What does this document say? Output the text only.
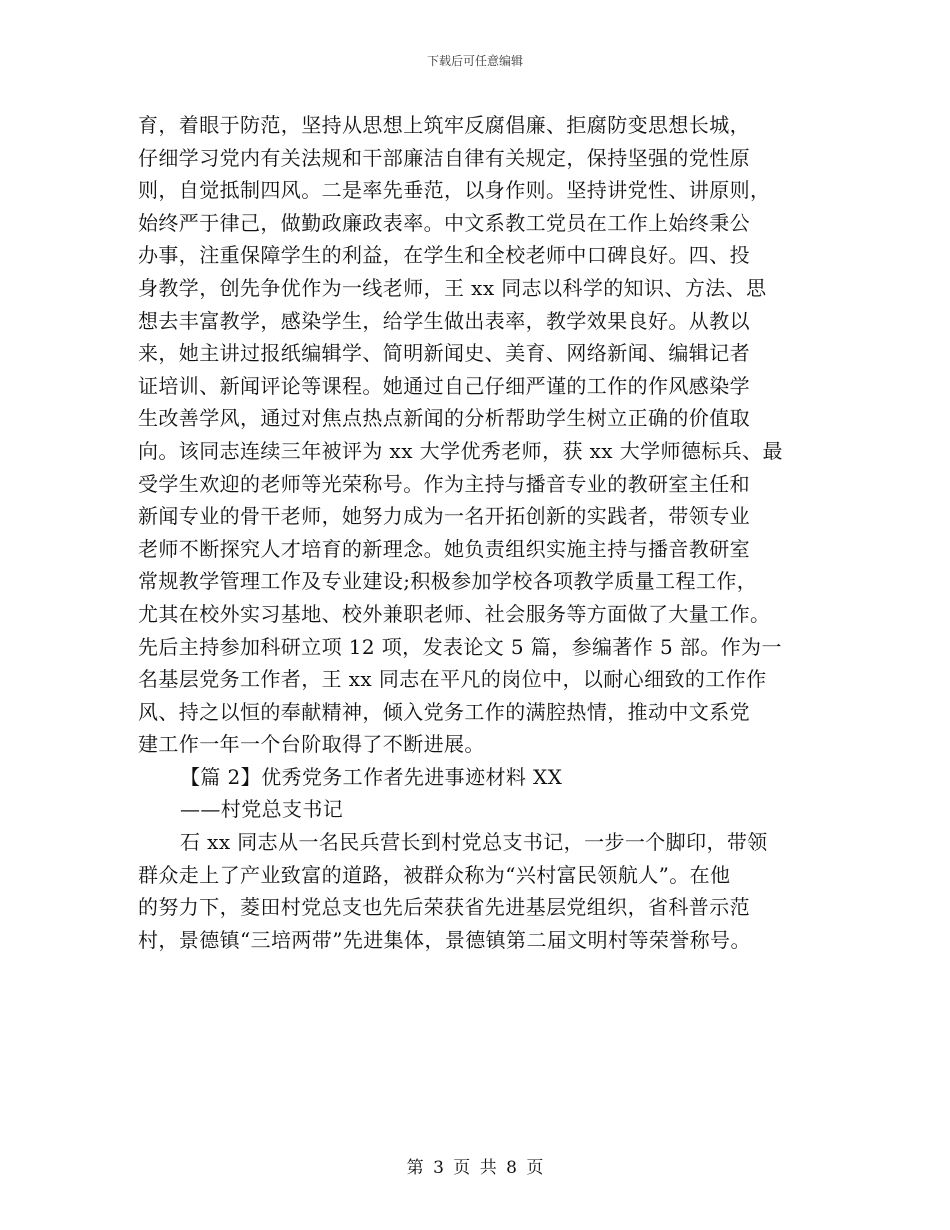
下载后可任意编辑
育，着眼于防范，坚持从思想上筑牢反腐倡廉、拒腐防变思想长城，
仔细学习党内有关法规和干部廉洁自律有关规定，保持坚强的党性原
则，自觉抵制四风。二是率先垂范，以身作则。坚持讲党性、讲原则，
始终严于律己，做勤政廉政表率。中文系教工党员在工作上始终秉公
办事，注重保障学生的利益，在学生和全校老师中口碑良好。四、投
身教学，创先争优作为一线老师，王 xx 同志以科学的知识、方法、思
想去丰富教学，感染学生，给学生做出表率，教学效果良好。从教以
来，她主讲过报纸编辑学、简明新闻史、美育、网络新闻、编辑记者
证培训、新闻评论等课程。她通过自己仔细严谨的工作的作风感染学
生改善学风，通过对焦点热点新闻的分析帮助学生树立正确的价值取
向。该同志连续三年被评为 xx 大学优秀老师，获 xx 大学师德标兵、最
受学生欢迎的老师等光荣称号。作为主持与播音专业的教研室主任和
新闻专业的骨干老师，她努力成为一名开拓创新的实践者，带领专业
老师不断探究人才培育的新理念。她负责组织实施主持与播音教研室
常规教学管理工作及专业建设;积极参加学校各项教学质量工程工作，
尤其在校外实习基地、校外兼职老师、社会服务等方面做了大量工作。
先后主持参加科研立项 12 项，发表论文 5 篇，参编著作 5 部。作为一
名基层党务工作者，王 xx 同志在平凡的岗位中，以耐心细致的工作作
风、持之以恒的奉献精神，倾入党务工作的满腔热情，推动中文系党
建工作一年一个台阶取得了不断进展。
【篇 2】优秀党务工作者先进事迹材料 XX
——村党总支书记
石 xx 同志从一名民兵营长到村党总支书记，一步一个脚印，带领
群众走上了产业致富的道路，被群众称为“兴村富民领航人”。在他
的努力下，菱田村党总支也先后荣获省先进基层党组织，省科普示范
村，景德镇“三培两带”先进集体，景德镇第二届文明村等荣誉称号。
第 3 页 共 8 页
